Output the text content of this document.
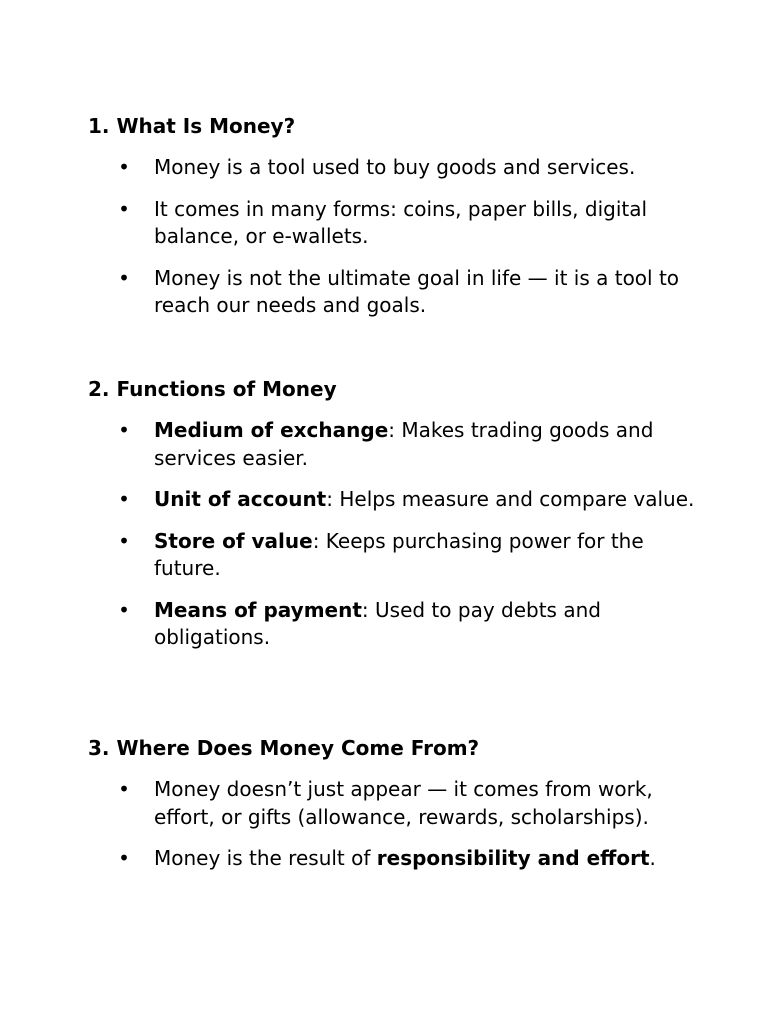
1. What Is Money?
• Money is a tool used to buy goods and services.
• It comes in many forms: coins, paper bills, digital balance, or e-wallets.
• Money is not the ultimate goal in life — it is a tool to reach our needs and goals.
2. Functions of Money
• Medium of exchange: Makes trading goods and services easier.
• Unit of account: Helps measure and compare value.
• Store of value: Keeps purchasing power for the future.
• Means of payment: Used to pay debts and obligations.
3. Where Does Money Come From?
• Money doesn’t just appear — it comes from work, effort, or gifts (allowance, rewards, scholarships).
• Money is the result of responsibility and effort.
